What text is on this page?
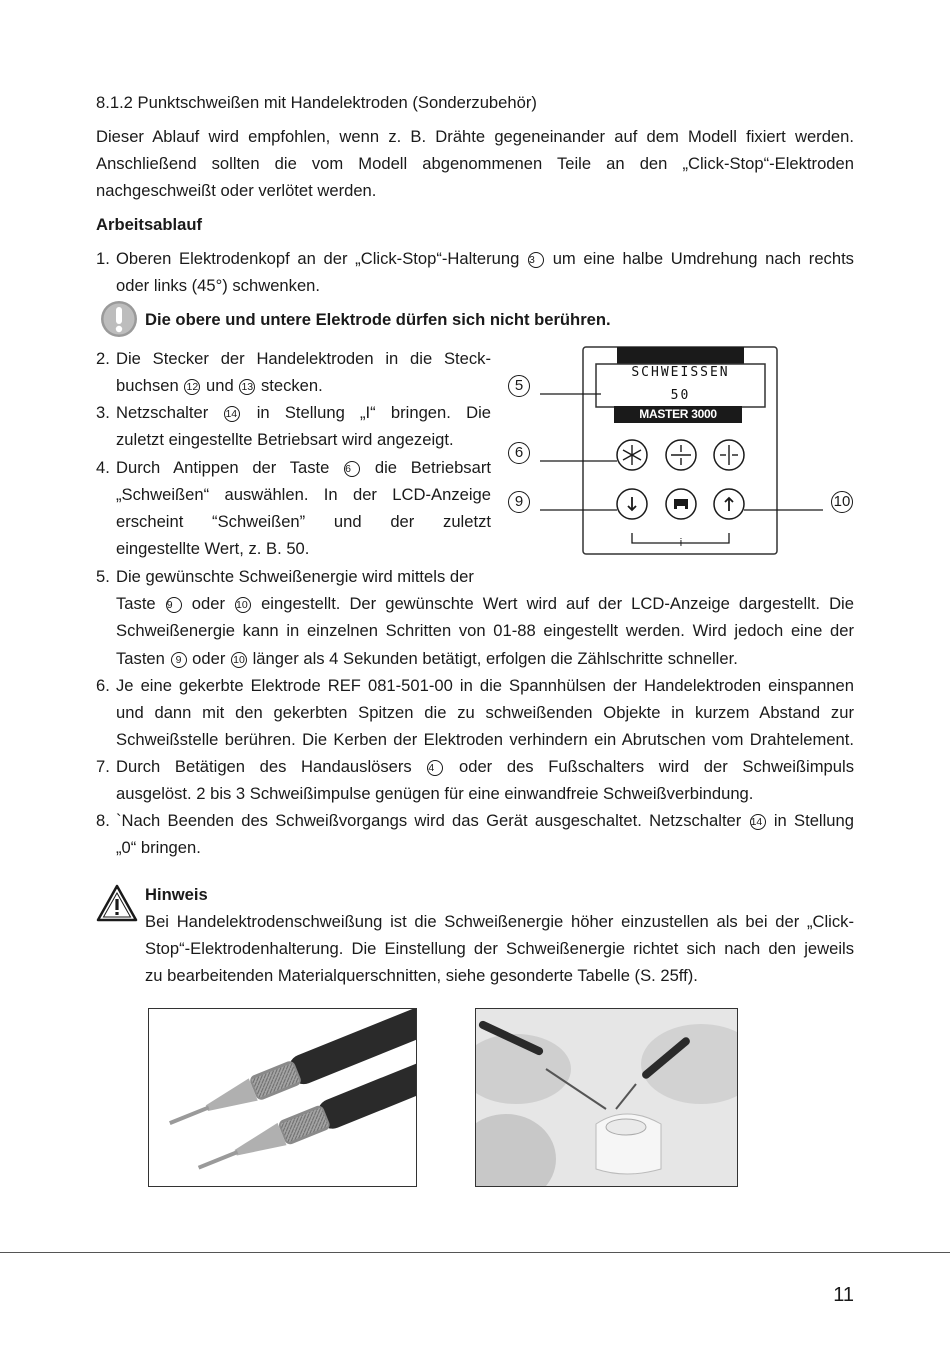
8.1.2 Punktschweißen mit Handelektroden (Sonderzubehör)
Dieser Ablauf wird empfohlen, wenn z. B. Drähte gegeneinander auf dem Modell fixiert werden.
Anschließend sollten die vom Modell abgenommenen Teile an den „Click-Stop“-Elektroden
nachgeschweißt oder verlötet werden.
Arbeitsablauf
1. Oberen Elektrodenkopf an der „Click-Stop“-Halterung 3 um eine halbe Umdrehung nach rechts
oder links (45°) schwenken.
Die obere und untere Elektrode dürfen sich nicht berühren.
2. Die Stecker der Handelektroden in die Steck-
buchsen 12 und 13 stecken.
3. Netzschalter 14 in Stellung „I“ bringen. Die
zuletzt eingestellte Betriebsart wird angezeigt.
4. Durch Antippen der Taste 6 die Betriebsart
„Schweißen“ auswählen. In der LCD-Anzeige
erscheint “Schweißen” und der zuletzt
eingestellte Wert, z. B. 50.
5. Die gewünschte Schweißenergie wird mittels der
Taste 9 oder 10 eingestellt. Der gewünschte Wert wird auf der LCD-Anzeige dargestellt. Die
Schweißenergie kann in einzelnen Schritten von 01-88 eingestellt werden. Wird jedoch eine der
Tasten 9 oder 10 länger als 4 Sekunden betätigt, erfolgen die Zählschritte schneller.
6. Je eine gekerbte Elektrode REF 081-501-00 in die Spannhülsen der Handelektroden einspannen
und dann mit den gekerbten Spitzen die zu schweißenden Objekte in kurzem Abstand zur
Schweißstelle berühren. Die Kerben der Elektroden verhindern ein Abrutschen vom Drahtelement.
7. Durch Betätigen des Handauslösers 4 oder des Fußschalters wird der Schweißimpuls
ausgelöst. 2 bis 3 Schweißimpulse genügen für eine einwandfreie Schweißverbindung.
8. `Nach Beenden des Schweißvorgangs wird das Gerät ausgeschaltet. Netzschalter 14 in Stellung
„0“ bringen.
Hinweis
Bei Handelektrodenschweißung ist die Schweißenergie höher einzustellen als bei der „Click-
Stop“-Elektrodenhalterung. Die Einstellung der Schweißenergie richtet sich nach den jeweils
zu bearbeitenden Materialquerschnitten, siehe gesonderte Tabelle (S. 25ff).
SCHWEISSEN
50
MASTER 3000
i
5
6
9	10
11
